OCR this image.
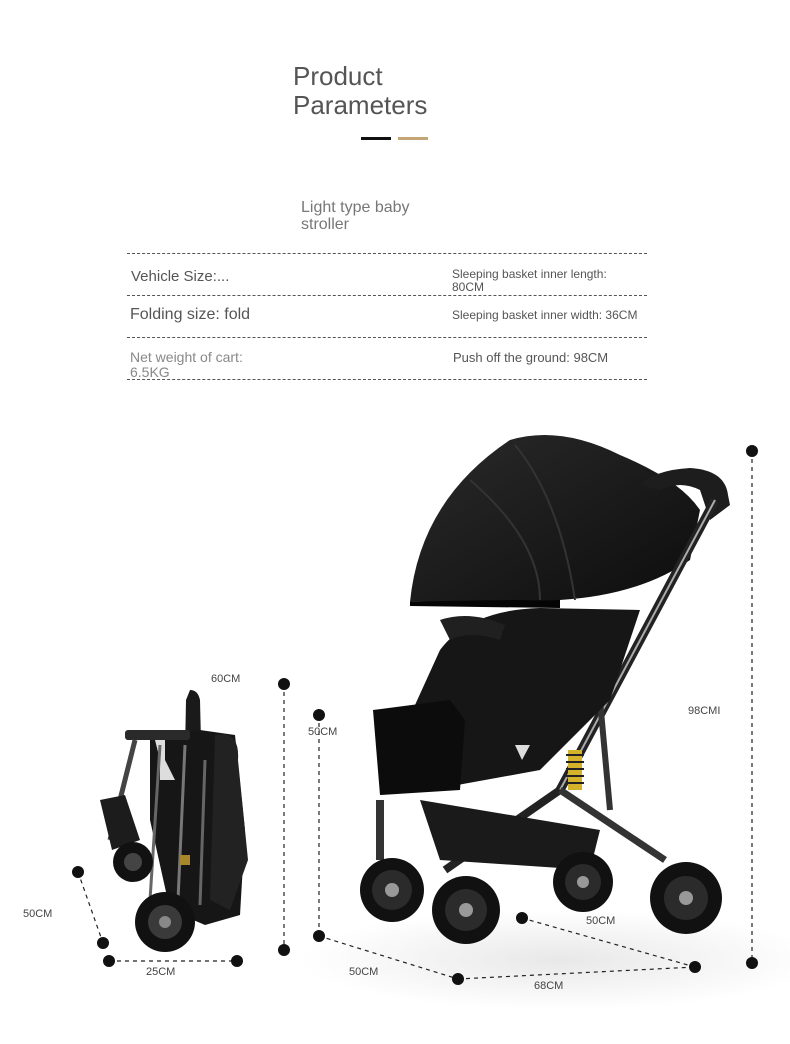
Product
Parameters
Light type baby stroller
Vehicle Size:...	Sleeping basket inner length:
80CM
Folding size: fold	Sleeping basket inner width: 36CM
Net weight of cart:
6.5KG
Push off the ground: 98CM
60CM
50CM
25CM
50CM
98CMI
50CM
68CM
50CM
